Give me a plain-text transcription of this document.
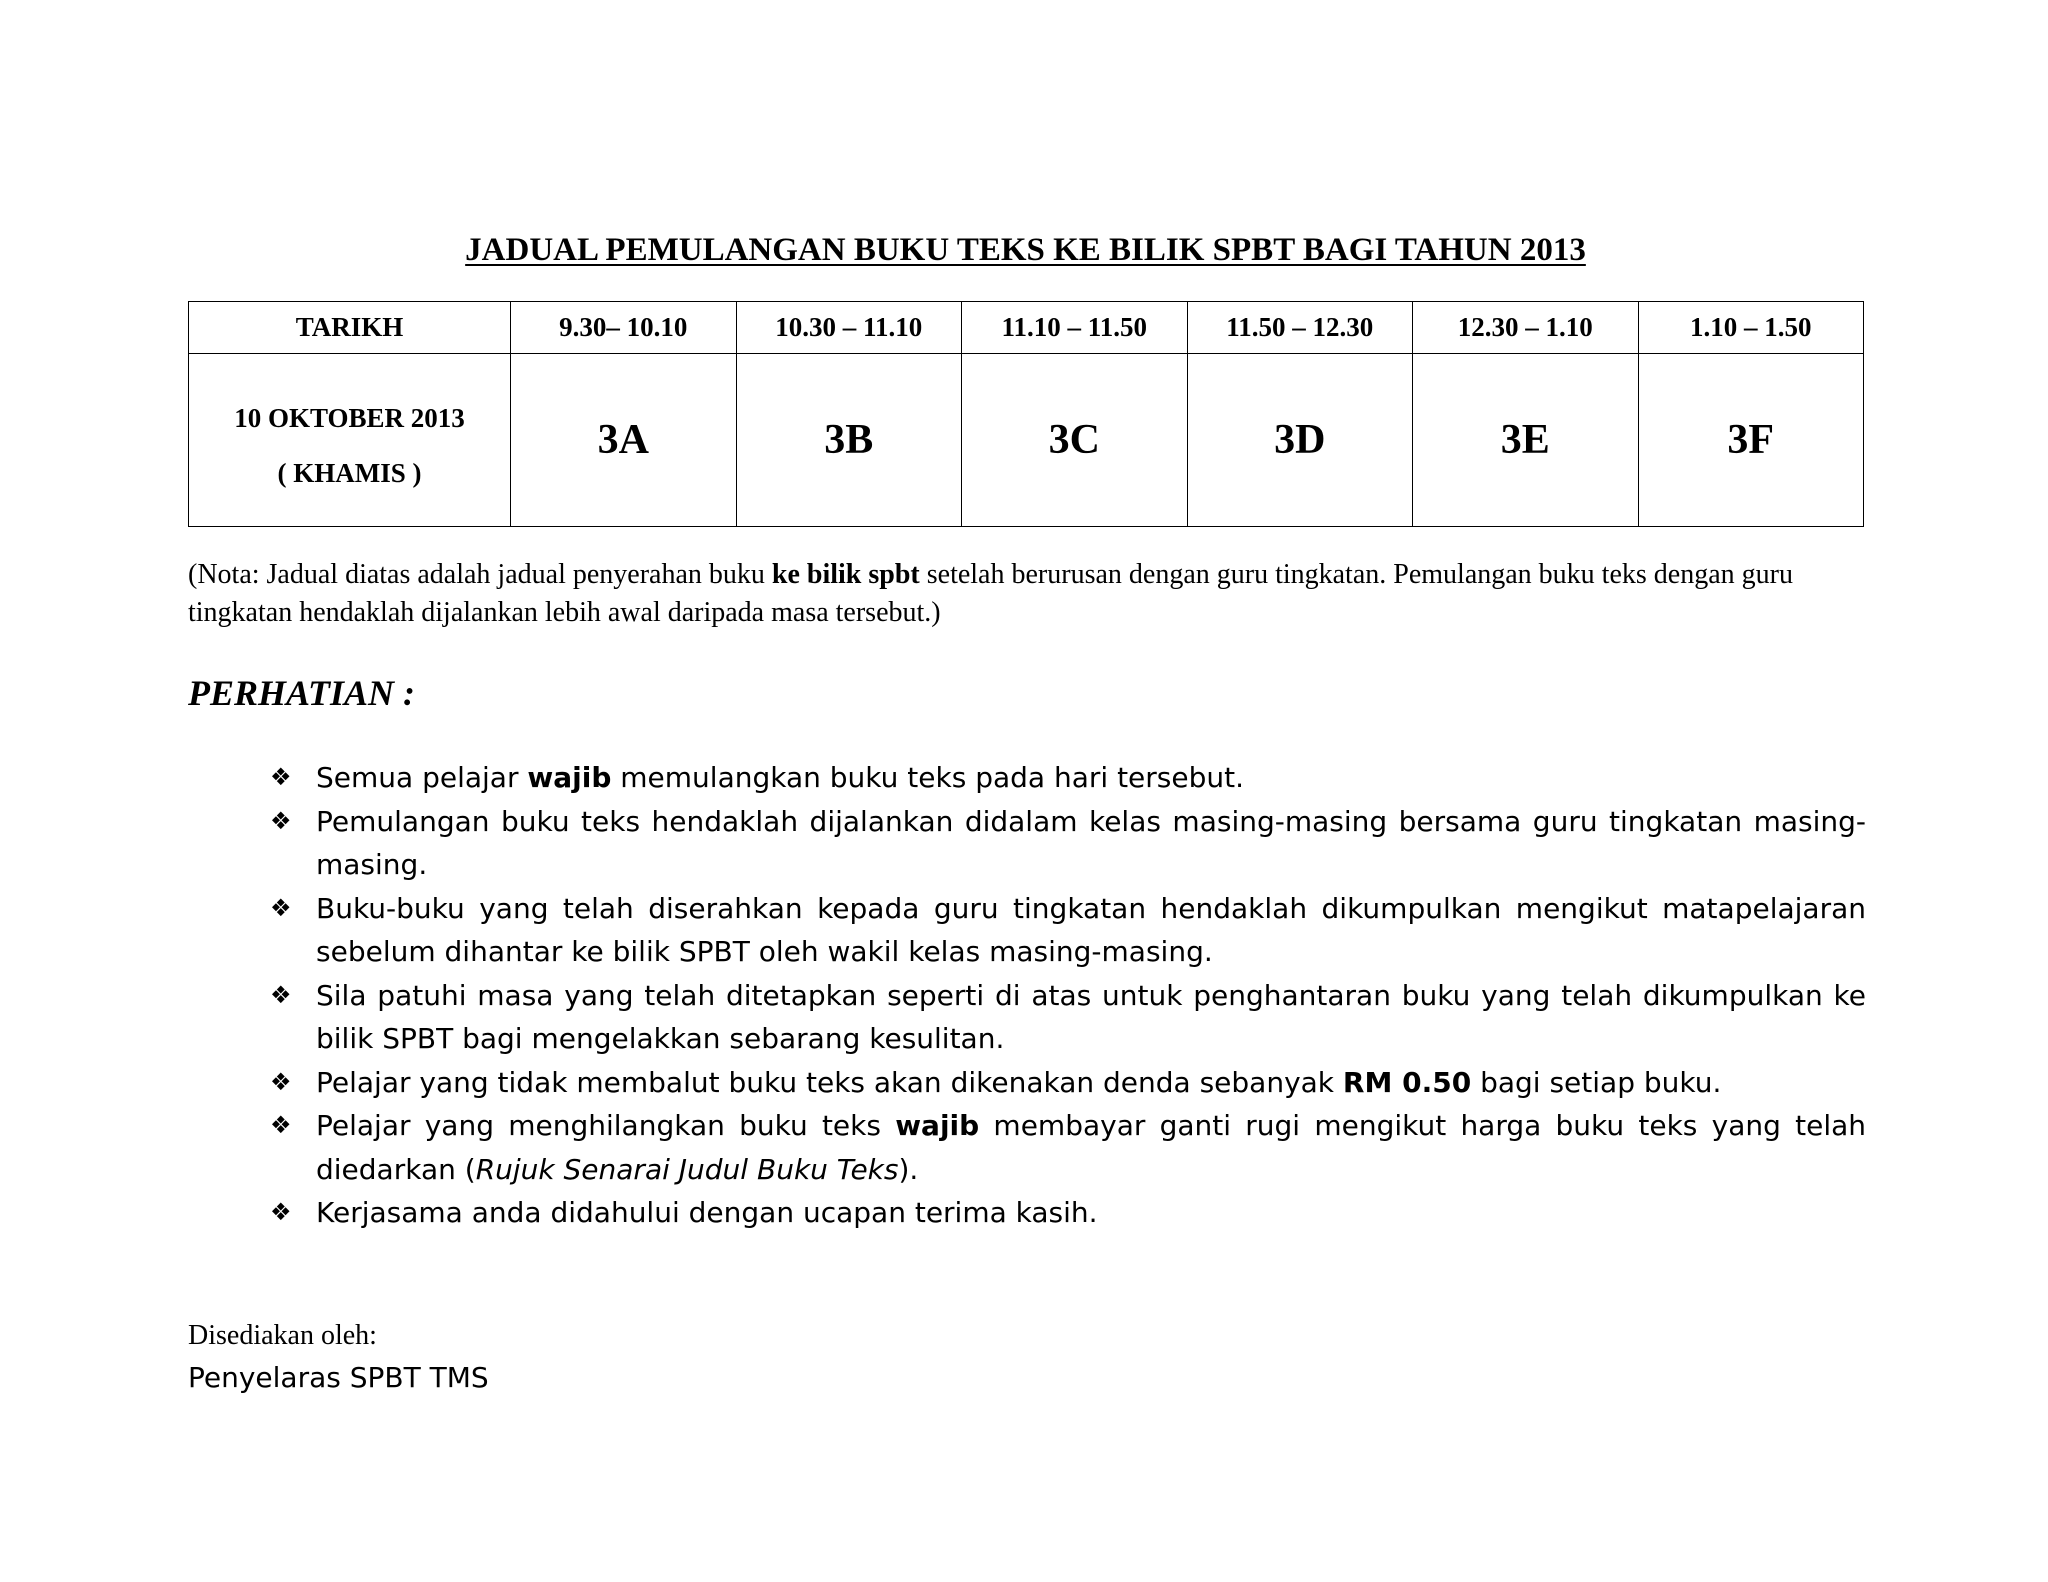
JADUAL PEMULANGAN BUKU TEKS KE BILIK SPBT BAGI TAHUN 2013
TARIKH	9.30– 10.10	10.30 – 11.10	11.10 – 11.50	11.50 – 12.30	12.30 – 1.10	1.10 – 1.50
10 OKTOBER 2013
( KHAMIS )	3A	3B	3C	3D	3E	3F

(Nota: Jadual diatas adalah jadual penyerahan buku ke bilik spbt setelah berurusan dengan guru tingkatan. Pemulangan buku teks dengan guru tingkatan hendaklah dijalankan lebih awal daripada masa tersebut.)

PERHATIAN :
❖ Semua pelajar wajib memulangkan buku teks pada hari tersebut.
❖ Pemulangan buku teks hendaklah dijalankan didalam kelas masing-masing bersama guru tingkatan masing-masing.
❖ Buku-buku yang telah diserahkan kepada guru tingkatan hendaklah dikumpulkan mengikut matapelajaran sebelum dihantar ke bilik SPBT oleh wakil kelas masing-masing.
❖ Sila patuhi masa yang telah ditetapkan seperti di atas untuk penghantaran buku yang telah dikumpulkan ke bilik SPBT bagi mengelakkan sebarang kesulitan.
❖ Pelajar yang tidak membalut buku teks akan dikenakan denda sebanyak RM 0.50 bagi setiap buku.
❖ Pelajar yang menghilangkan buku teks wajib membayar ganti rugi mengikut harga buku teks yang telah diedarkan (Rujuk Senarai Judul Buku Teks).
❖ Kerjasama anda didahului dengan ucapan terima kasih.

Disediakan oleh:

Penyelaras SPBT TMS
